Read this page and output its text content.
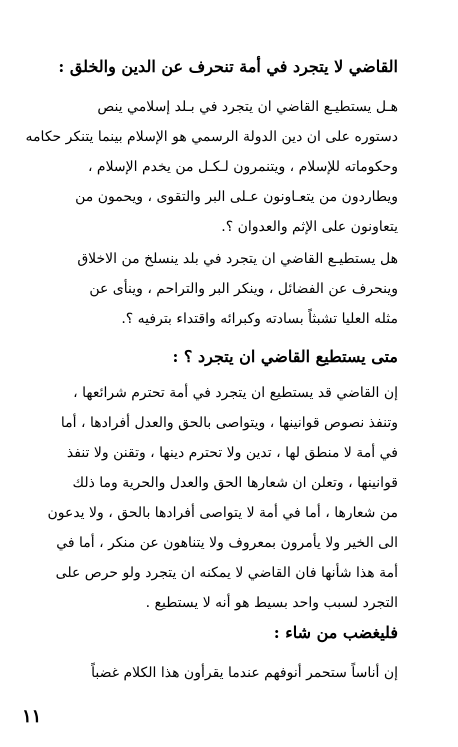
القاضي لا يتجرد في أمة تنحرف عن الدين والخلق :
هـل يستطيـع القاضي ان يتجرد في بـلد إسلامي ينص
دستوره على ان دين الدولة الرسمي هو الإسلام بينما يتنكر حكامه
وحكوماته للإسلام ، ويتنمرون لـكـل من يخدم الإسلام ،
ويطاردون من يتعـاونون عـلى البر والتقوى ، ويحمون من
يتعاونون على الإثم والعدوان ؟.
هل يستطيـع القاضي ان يتجرد في بلد ينسلخ من الاخلاق
وينحرف عن الفضائل ، وينكر البر والتراحم ، وينأى عن
مثله العليا تشبثاً بسادته وكبرائه واقتداء بترفيه ؟.
متى يستطيع القاضي ان يتجرد ؟ :
إن القاضي قد يستطيع ان يتجرد في أمة تحترم شرائعها ،
وتنفذ نصوص قوانينها ، ويتواصى بالحق والعدل أفرادها ، أما
في أمة لا منطق لها ، تدين ولا تحترم دينها ، وتقنن ولا تنفذ
قوانينها ، وتعلن ان شعارها الحق والعدل والحرية وما ذلك
من شعارها ، أما في أمة لا يتواصى أفرادها بالحق ، ولا يدعون
الى الخير ولا يأمرون بمعروف ولا يتناهون عن منكر ، أما في
أمة هذا شأنها فان القاضي لا يمكنه ان يتجرد ولو حرص على
التجرد لسبب واحد بسيط هو أنه لا يستطيع .
فليغضب من شاء :
إن أناساً ستحمر أنوفهم عندما يقرأون هذا الكلام غضباً
١١
